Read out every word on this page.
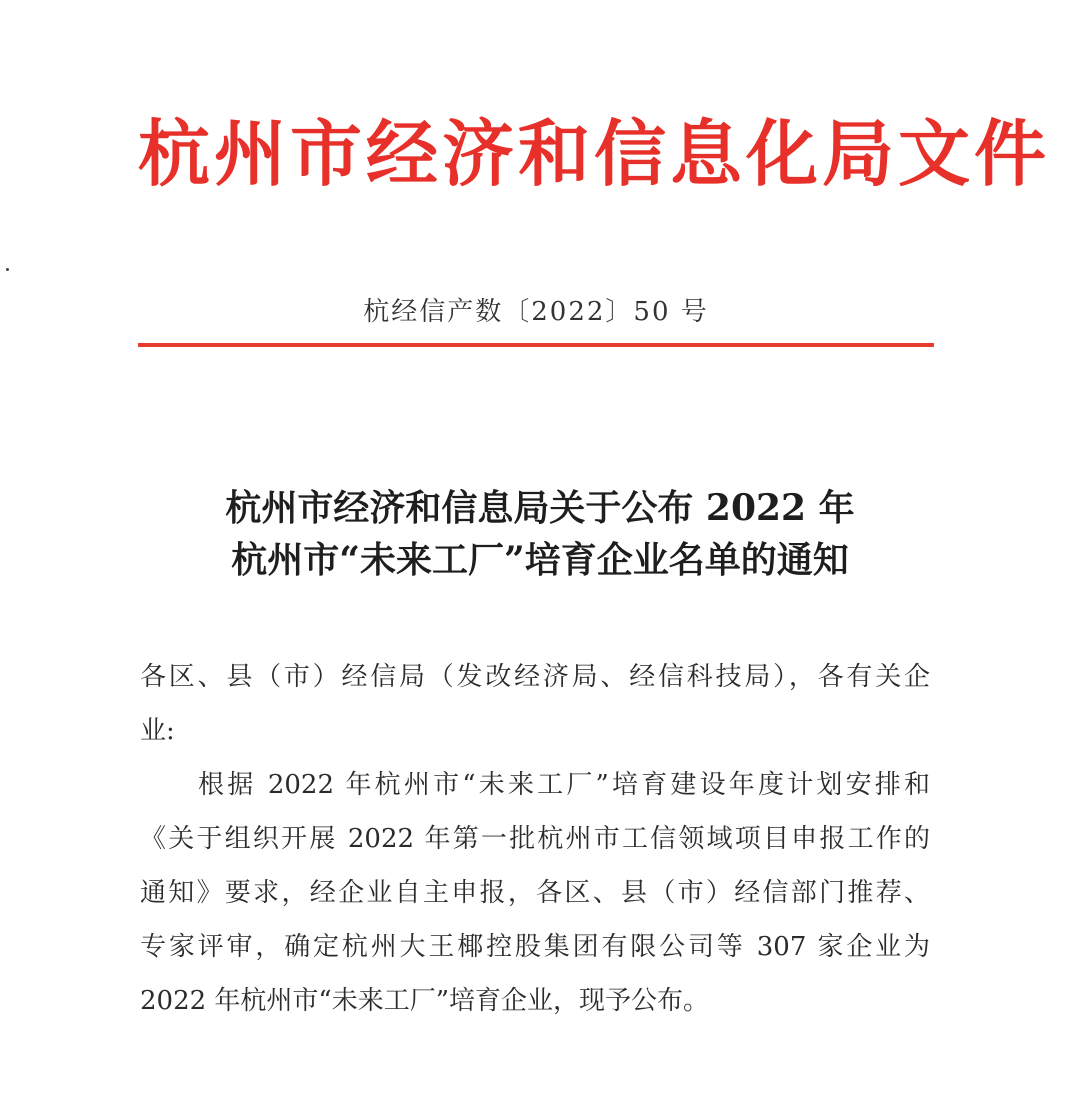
杭州市经济和信息化局文件
杭经信产数〔2022〕50 号
杭州市经济和信息局关于公布 2022 年
杭州市“未来工厂”培育企业名单的通知
各区、县（市）经信局（发改经济局、经信科技局），各有关企
业:
根据 2022 年杭州市“未来工厂”培育建设年度计划安排和
《关于组织开展 2022 年第一批杭州市工信领域项目申报工作的
通知》要求，经企业自主申报，各区、县（市）经信部门推荐、
专家评审，确定杭州大王椰控股集团有限公司等 307 家企业为
2022 年杭州市“未来工厂”培育企业，现予公布。
